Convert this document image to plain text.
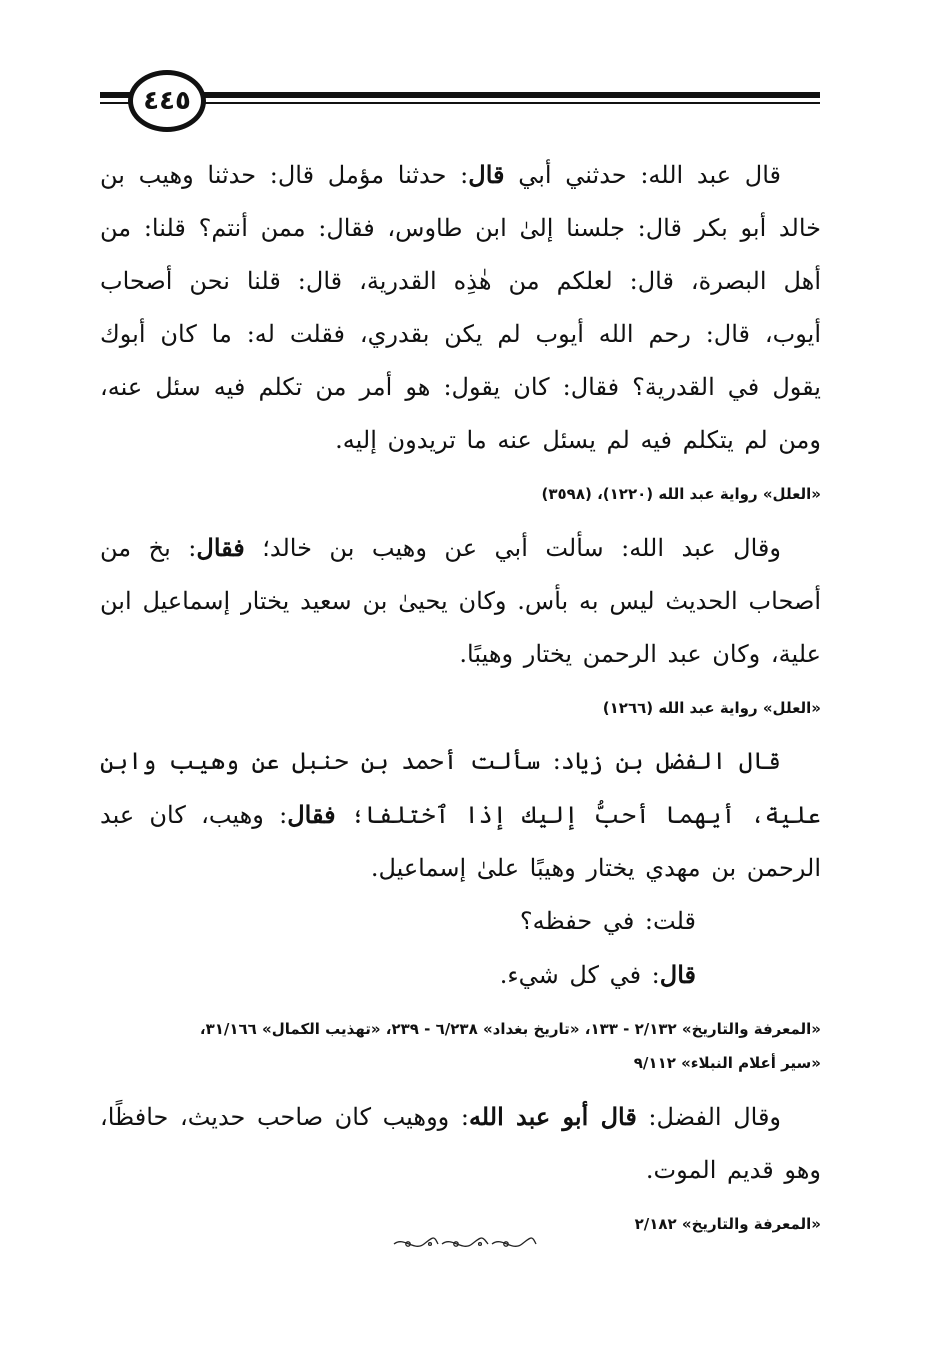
٤٤٥

قال عبد الله: حدثني أبي قال: حدثنا مؤمل قال: حدثنا وهيب بن خالد أبو بكر قال: جلسنا إلىٰ ابن طاوس، فقال: ممن أنتم؟ قلنا: من أهل البصرة، قال: لعلكم من هٰذِه القدرية، قال: قلنا نحن أصحاب أيوب، قال: رحم الله أيوب لم يكن بقدري، فقلت له: ما كان أبوك يقول في القدرية؟ فقال: كان يقول: هو أمر من تكلم فيه سئل عنه، ومن لم يتكلم فيه لم يسئل عنه ما تريدون إليه.

«العلل» رواية عبد الله (١٢٢٠)، (٣٥٩٨)

وقال عبد الله: سألت أبي عن وهيب بن خالد؛ فقال: بخ من أصحاب الحديث ليس به بأس. وكان يحيىٰ بن سعيد يختار إسماعيل ابن علية، وكان عبد الرحمن يختار وهيبًا.

«العلل» رواية عبد الله (١٢٦٦)

قال الفضل بن زياد: سألت أحمد بن حنبل عن وهيب وابن علية، أيهما أحبُّ إليك إذا ٱختلفا؛ فقال: وهيب، كان عبد الرحمن بن مهدي يختار وهيبًا علىٰ إسماعيل.

قلت: في حفظه؟

قال: في كل شيء.

«المعرفة والتاريخ» ٢/١٣٢ - ١٣٣، «تاريخ بغداد» ٦/٢٣٨ - ٢٣٩، «تهذيب الكمال» ٣١/١٦٦،
«سير أعلام النبلاء» ٩/١١٢

وقال الفضل: قال أبو عبد الله: ووهيب كان صاحب حديث، حافظًا، وهو قديم الموت.

«المعرفة والتاريخ» ٢/١٨٢
